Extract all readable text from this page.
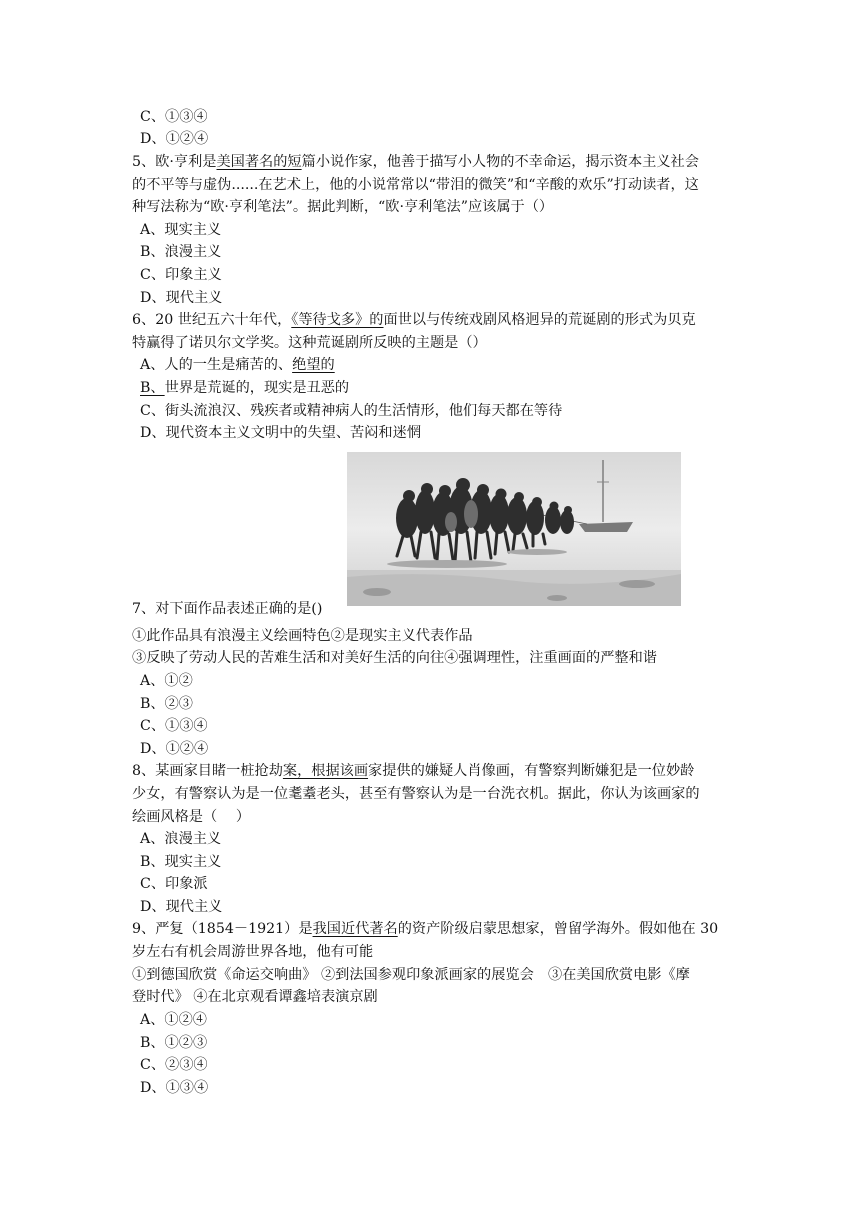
C、①③④
D、①②④
5、欧·亨利是美国著名的短篇小说作家，他善于描写小人物的不幸命运，揭示资本主义社会
的不平等与虚伪......在艺术上，他的小说常常以“带泪的微笑”和“辛酸的欢乐”打动读者，这
种写法称为“欧·亨利笔法”。据此判断，“欧·亨利笔法”应该属于（）
A、现实主义
B、浪漫主义
C、印象主义
D、现代主义
6、20 世纪五六十年代，《等待戈多》的面世以与传统戏剧风格迥异的荒诞剧的形式为贝克
特赢得了诺贝尔文学奖。这种荒诞剧所反映的主题是（）
A、人的一生是痛苦的、绝望的
B、世界是荒诞的，现实是丑恶的
C、街头流浪汉、残疾者或精神病人的生活情形，他们每天都在等待
D、现代资本主义文明中的失望、苦闷和迷惘
7、对下面作品表述正确的是()
①此作品具有浪漫主义绘画特色②是现实主义代表作品
③反映了劳动人民的苦难生活和对美好生活的向往④强调理性，注重画面的严整和谐
A、①②
B、②③
C、①③④
D、①②④
8、某画家目睹一桩抢劫案，根据该画家提供的嫌疑人肖像画，有警察判断嫌犯是一位妙龄
少女，有警察认为是一位耄耋老头，甚至有警察认为是一台洗衣机。据此，你认为该画家的
绘画风格是（　 ）
A、浪漫主义
B、现实主义
C、印象派
D、现代主义
9、严复（1854－1921）是我国近代著名的资产阶级启蒙思想家，曾留学海外。假如他在 30
岁左右有机会周游世界各地，他有可能
①到德国欣赏《命运交响曲》 ②到法国参观印象派画家的展览会　③在美国欣赏电影《摩
登时代》 ④在北京观看谭鑫培表演京剧
A、①②④
B、①②③
C、②③④
D、①③④
